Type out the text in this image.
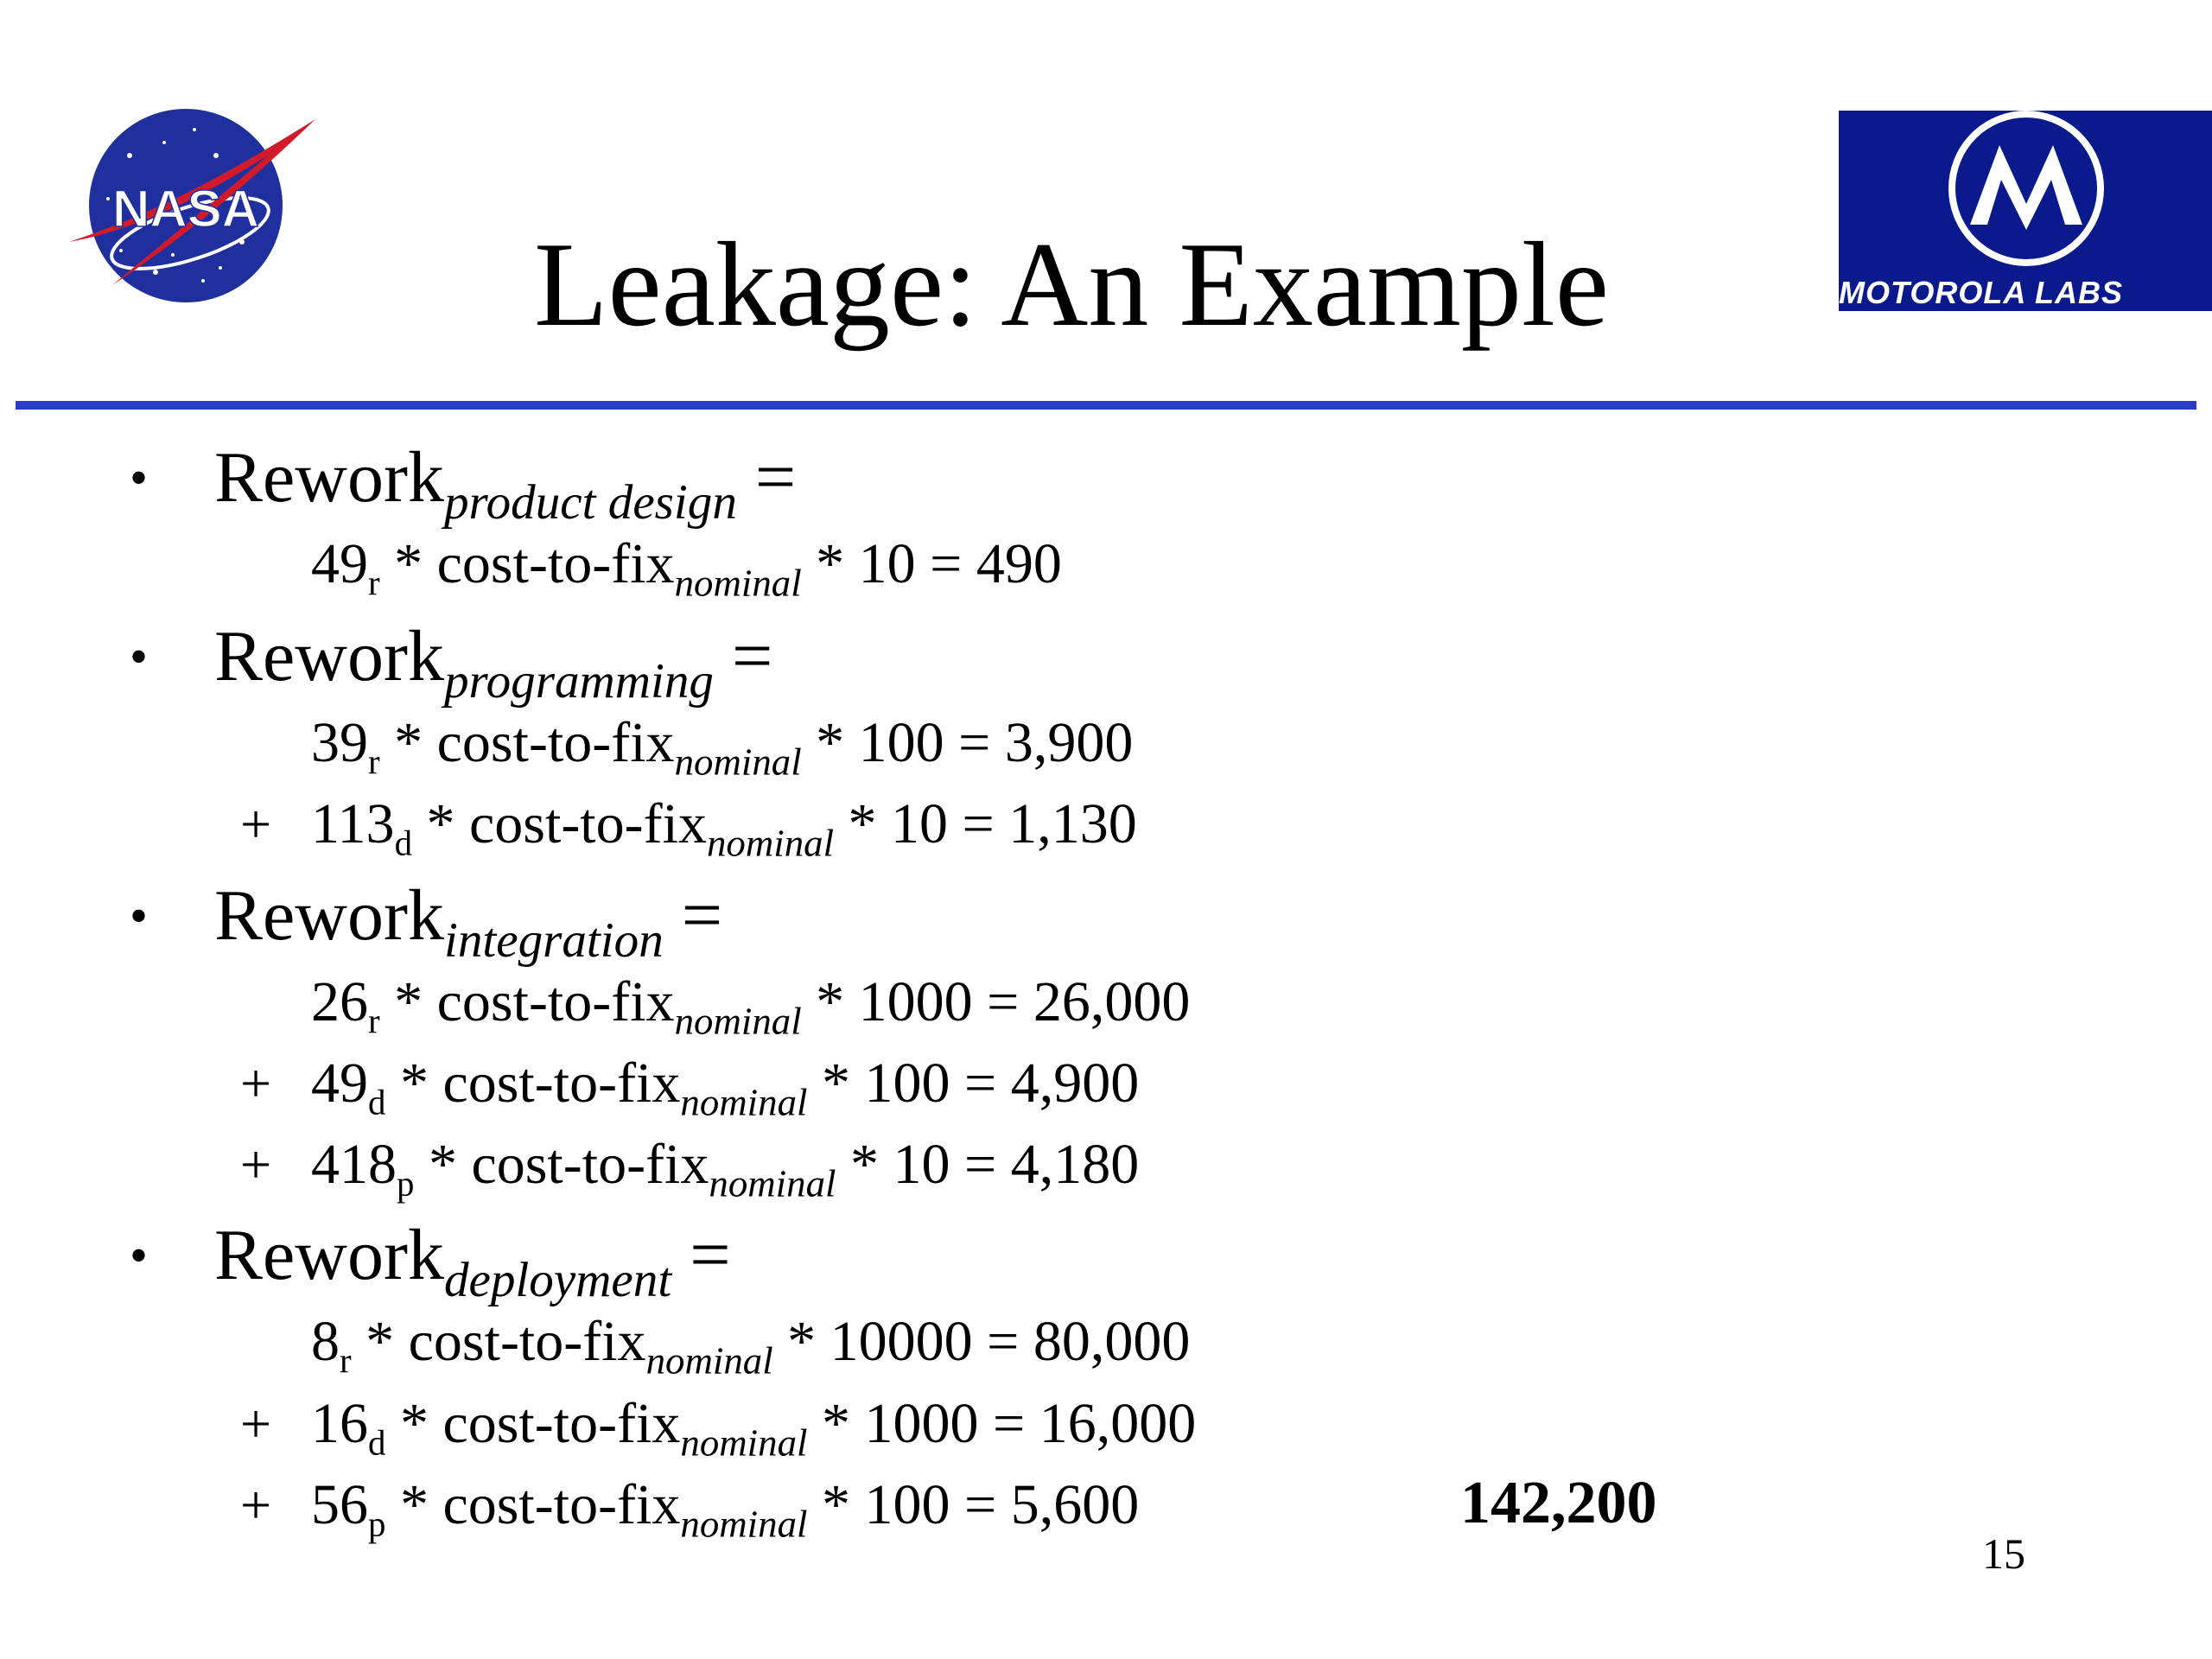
NASA
MOTOROLA LABS
Leakage: An Example
• Rework$_{product design}$ =
$49_r * \cos t-to-fix_{nominal} * 10 = 490$
• Rework$_{programming}$ =
$39_r * \cos t-to-fix_{nominal} * 100 = 3,900$
+ $113_d * \cos t-to-fix_{nominal} * 10 = 1,130$
• Rework$_{integration}$ =
$26_r * \cos t-to-fix_{nominal} * 1000 = 26,000$
+ $49_d * \cos t-to-fix_{nominal} * 100 = 4,900$
+ $418_p * \cos t-to-fix_{nominal} * 10 = 4,180$
• Rework$_{deployment}$ =
$8_r * \cos t-to-fix_{nominal} * 10000 = 80,000$
+ $16_d * \cos t-to-fix_{nominal} * 1000 = 16,000$
+ $56_p * \cos t-to-fix_{nominal} * 100 = 5,600$	142,200
15
